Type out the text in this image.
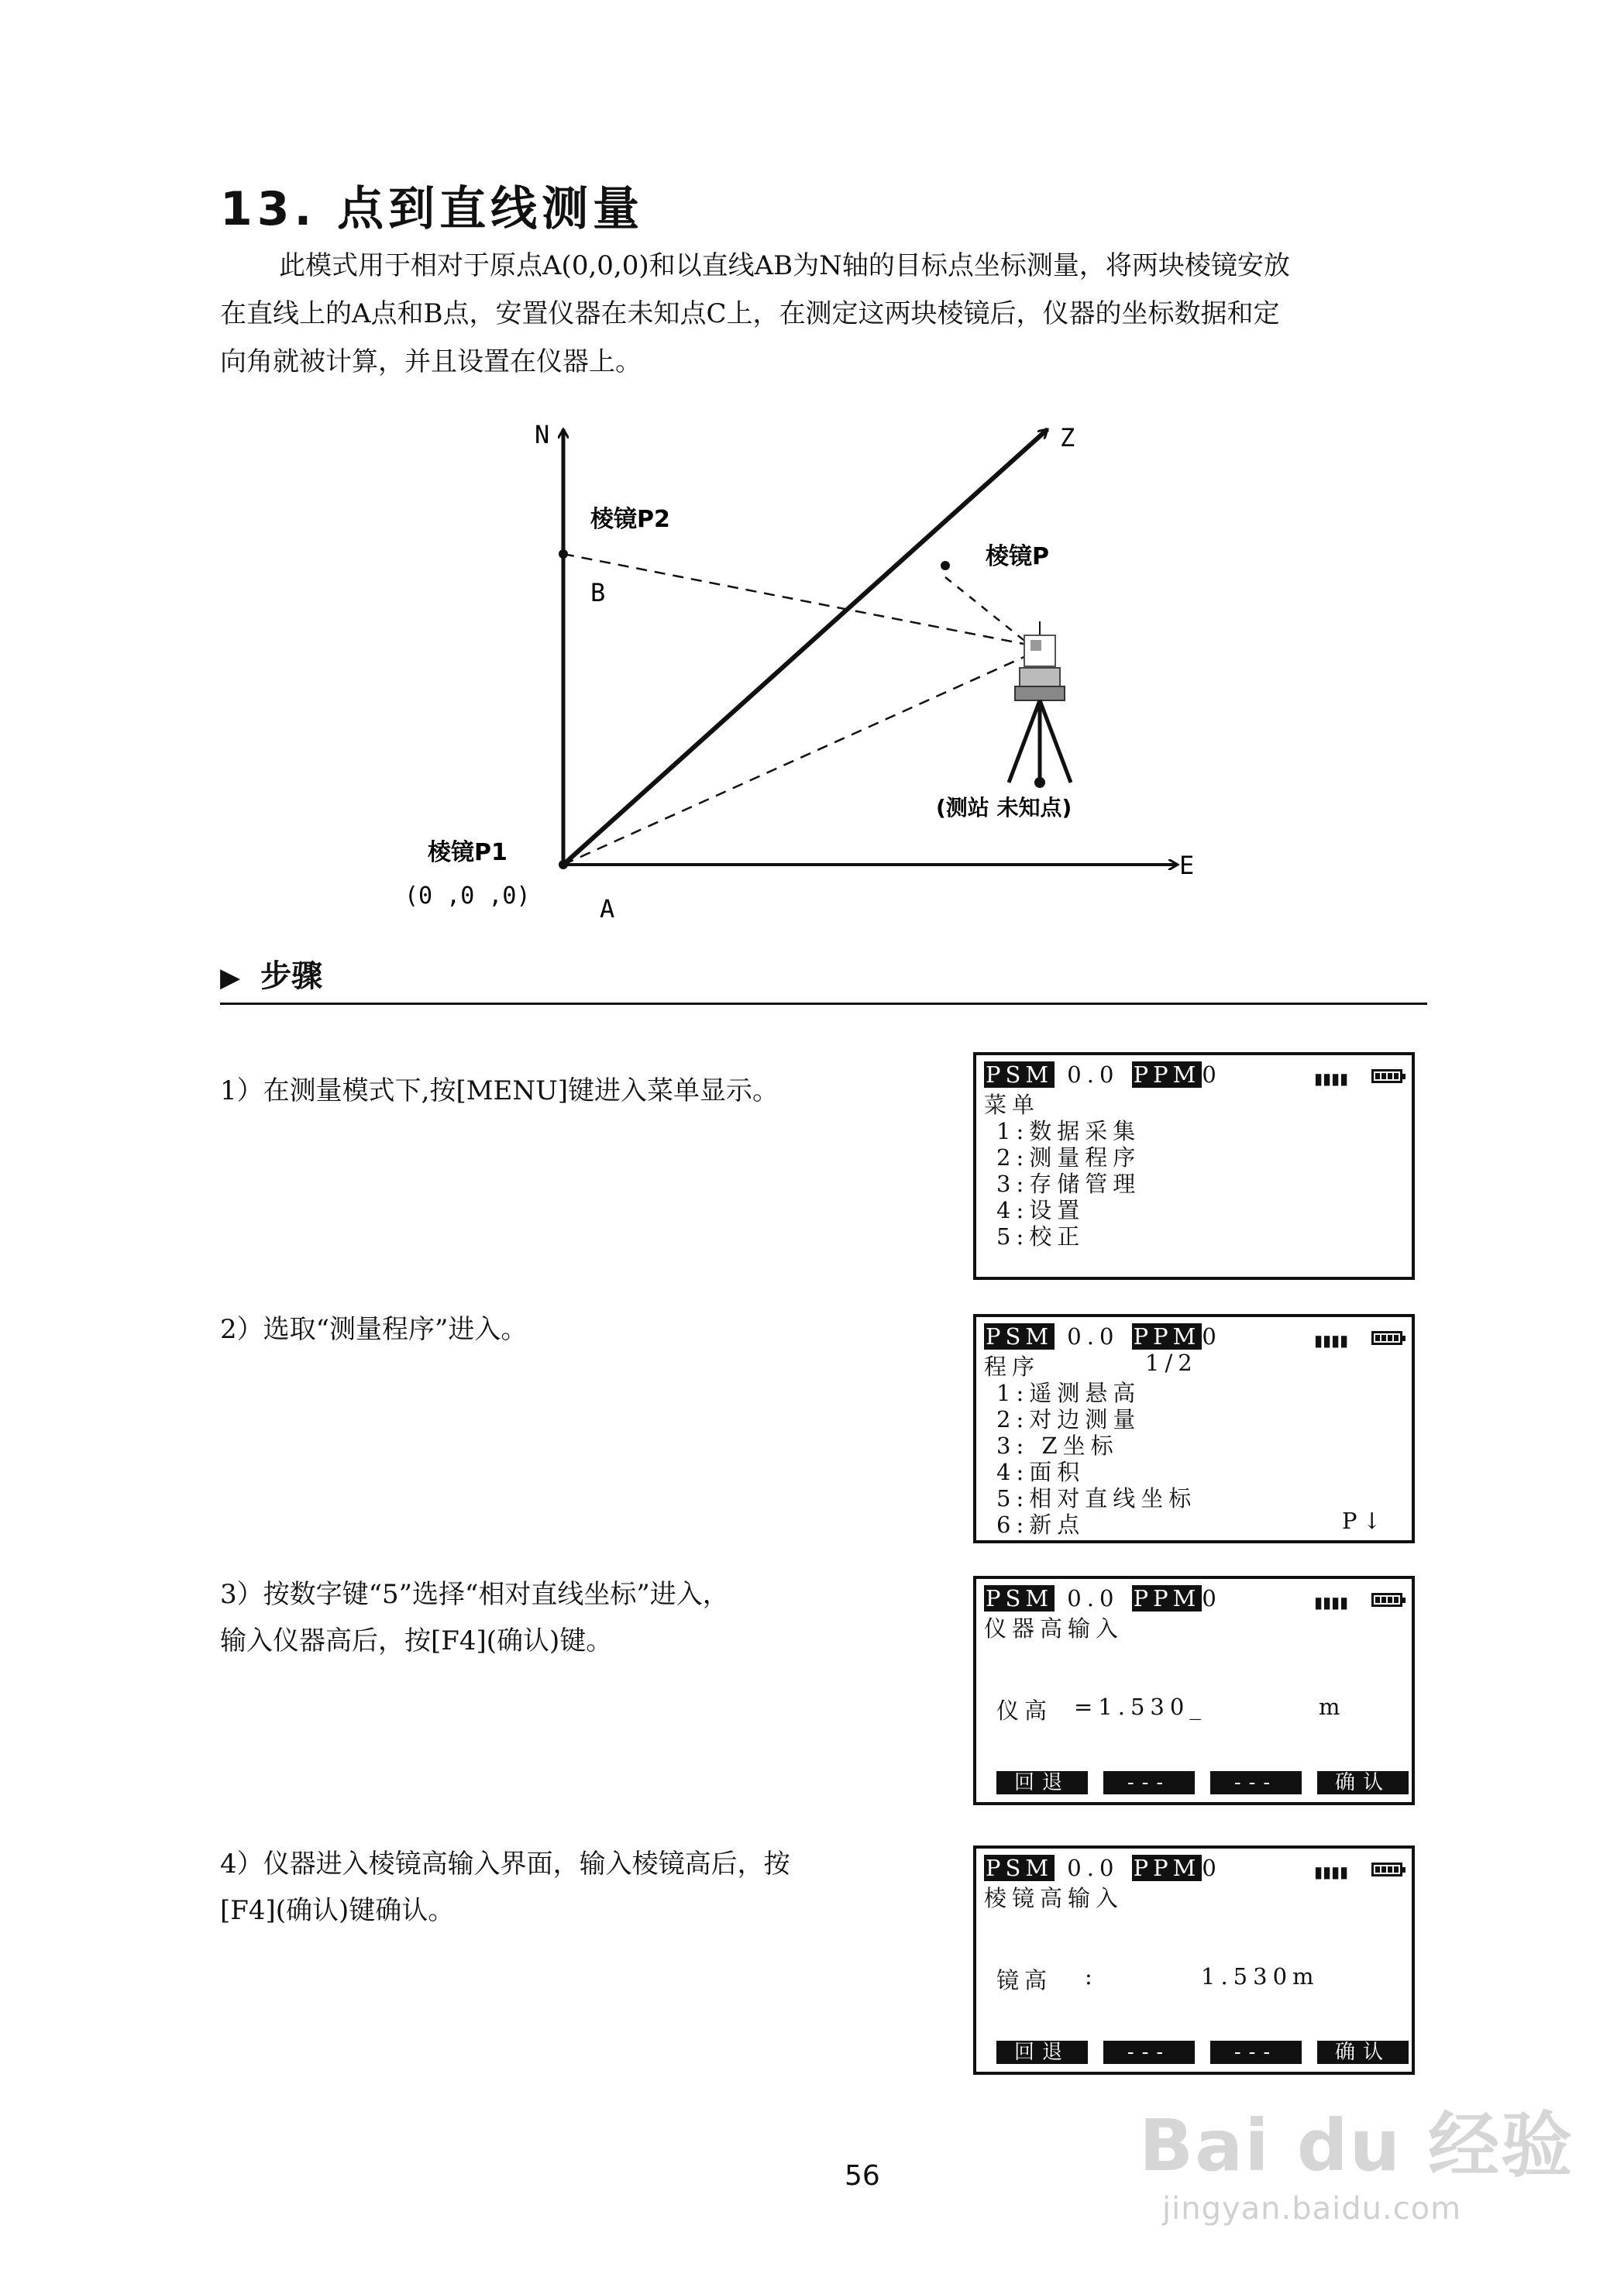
13. 点到直线测量

此模式用于相对于原点A(0,0,0)和以直线AB为N轴的目标点坐标测量，将两块棱镜安放

在直线上的A点和B点，安置仪器在未知点C上，在测定这两块棱镜后，仪器的坐标数据和定

向角就被计算，并且设置在仪器上。

N	Z
E
棱镜P2
B
棱镜P
(测站 未知点)
棱镜P1
(0 ,0 ,0)	A
▶ 步骤

1）在测量模式下,按[MENU]键进入菜单显示。

2）选取“测量程序”进入。

3）按数字键“5”选择“相对直线坐标”进入，

输入仪器高后，按[F4](确认)键。

4）仪器进入棱镜高输入界面，输入棱镜高后，按

[F4](确认)键确认。

PSM 0.0 PPM0	▮▮▮▮
菜单
1:数据采集
2:测量程序
3:存储管理
4:设置
5:校正
PSM 0.0 PPM0	▮▮▮▮
程序	1/2
1:遥测悬高
2:对边测量
3: Z坐标
4:面积
5:相对直线坐标
6:新点	P↓
PSM 0.0 PPM0	▮▮▮▮
仪器高输入
仪高 =1.530_	m
回退	---	---	确认
PSM 0.0 PPM0	▮▮▮▮
棱镜高输入
镜高 :	1.530m
回退	---	---	确认
56	Bai du 经验
jingyan.baidu.com
